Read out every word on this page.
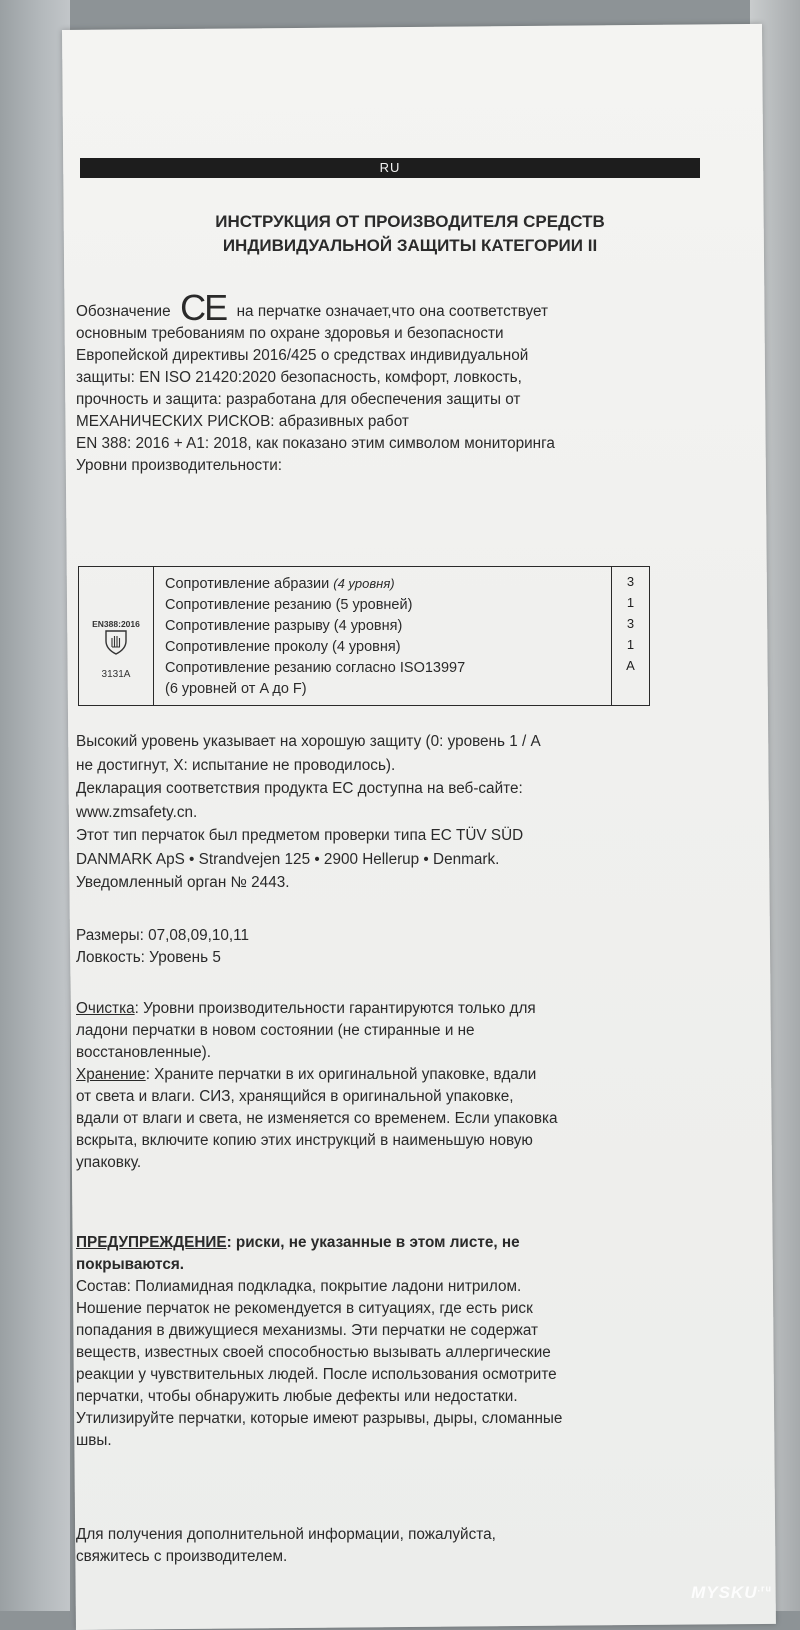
RU
ИНСТРУКЦИЯ ОТ ПРОИЗВОДИТЕЛЯ СРЕДСТВ
ИНДИВИДУАЛЬНОЙ ЗАЩИТЫ КАТЕГОРИИ II
Обозначение CE на перчатке означает,что она соответствует
основным требованиям по охране здоровья и безопасности
Европейской директивы 2016/425 о средствах индивидуальной
защиты: EN ISO 21420:2020 безопасность, комфорт, ловкость,
прочность и защита: разработана для обеспечения защиты от
МЕХАНИЧЕСКИХ РИСКОВ: абразивных работ
EN 388: 2016 + A1: 2018, как показано этим символом мониторинга
Уровни производительности:
EN388:2016
3131A
Сопротивление абразии (4 уровня)
Сопротивление резанию (5 уровней)
Сопротивление разрыву (4 уровня)
Сопротивление проколу (4 уровня)
Сопротивление резанию согласно ISO13997
(6 уровней от A до F)
3
1
3
1
A
Высокий уровень указывает на хорошую защиту (0: уровень 1 / A
не достигнут, X: испытание не проводилось).
Декларация соответствия продукта ЕС доступна на веб-сайте:
www.zmsafety.cn.
Этот тип перчаток был предметом проверки типа ЕС TÜV SÜD
DANMARK ApS • Strandvejen 125 • 2900 Hellerup • Denmark.
Уведомленный орган № 2443.
Размеры: 07,08,09,10,11
Ловкость: Уровень 5
Очистка: Уровни производительности гарантируются только для
ладони перчатки в новом состоянии (не стиранные и не
восстановленные).
Хранение: Храните перчатки в их оригинальной упаковке, вдали
от света и влаги. СИЗ, хранящийся в оригинальной упаковке,
вдали от влаги и света, не изменяется со временем. Если упаковка
вскрыта, включите копию этих инструкций в наименьшую новую
упаковку.
ПРЕДУПРЕЖДЕНИЕ: риски, не указанные в этом листе, не
покрываются.
Состав: Полиамидная подкладка, покрытие ладони нитрилом.
Ношение перчаток не рекомендуется в ситуациях, где есть риск
попадания в движущиеся механизмы. Эти перчатки не содержат
веществ, известных своей способностью вызывать аллергические
реакции у чувствительных людей. После использования осмотрите
перчатки, чтобы обнаружить любые дефекты или недостатки.
Утилизируйте перчатки, которые имеют разрывы, дыры, сломанные
швы.
Для получения дополнительной информации, пожалуйста,
свяжитесь с производителем.
$MYSKU^{.ru}$
